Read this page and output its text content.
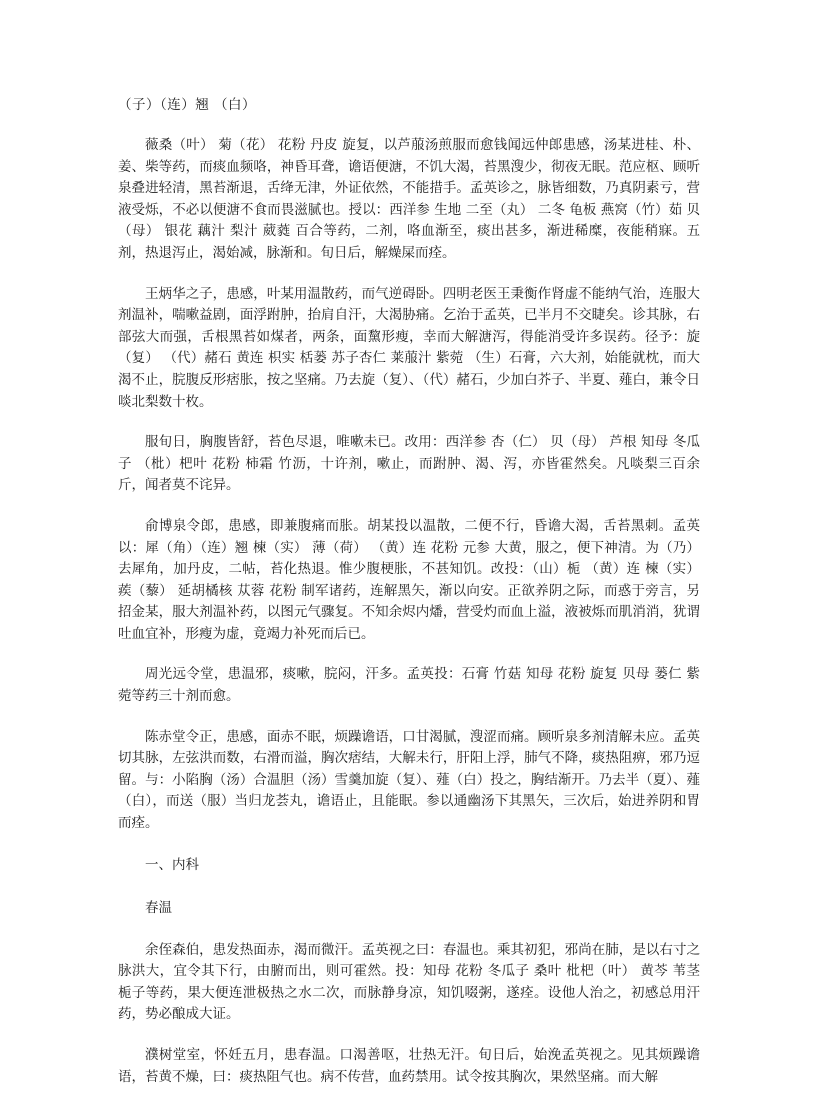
（子）（连）翘 （白）

薇桑（叶） 菊（花） 花粉 丹皮 旋复，以芦菔汤煎服而愈钱闻远仲郎患感，汤某进桂、朴、姜、柴等药，而痰血频咯，神昏耳聋，谵语便溏，不饥大渴，苔黑溲少，彻夜无眠。范应枢、顾听泉叠进轻清，黑苔渐退，舌绛无津，外证依然，不能措手。孟英诊之，脉皆细数，乃真阴素亏，营液受烁，不必以便溏不食而畏滋腻也。授以：西洋参 生地 二至（丸） 二冬 龟板 燕窝（竹）茹 贝（母） 银花 藕汁 梨汁 葳蕤 百合等药，二剂，咯血渐至，痰出甚多，渐进稀糜，夜能稍寐。五剂，热退泻止，渴始减，脉渐和。旬日后，解燥屎而痊。

王炳华之子，患感，叶某用温散药，而气逆碍卧。四明老医王秉衡作肾虚不能纳气治，连服大剂温补，喘嗽益剧，面浮跗肿，抬肩自汗，大渴胁痛。乞治于孟英，已半月不交睫矣。诊其脉，右部弦大而强，舌根黑苔如煤者，两条，面黧形瘦，幸而大解溏泻，得能消受许多误药。径予：旋（复） （代）赭石 黄连 枳实 栝蒌 苏子杏仁 莱菔汁 紫菀 （生）石膏，六大剂，始能就枕，而大渴不止，脘腹反形痞胀，按之坚痛。乃去旋（复）、（代）赭石，少加白芥子、半夏、薤白，兼令日啖北梨数十枚。

服旬日，胸腹皆舒，苔色尽退，唯嗽未已。改用：西洋参 杏（仁） 贝（母） 芦根 知母 冬瓜子 （枇）杷叶 花粉 柿霜 竹沥，十许剂，嗽止，而跗肿、渴、泻，亦皆霍然矣。凡啖梨三百余斤，闻者莫不诧异。

俞博泉令郎，患感，即兼腹痛而胀。胡某投以温散，二便不行，昏谵大渴，舌苔黑刺。孟英以：犀（角）（连）翘 楝（实） 薄（荷） （黄）连 花粉 元参 大黄，服之，便下神清。为（乃）去犀角，加丹皮，二帖，苔化热退。惟少腹梗胀，不甚知饥。改投：（山）栀 （黄）连 楝（实） 蒺（藜） 延胡橘核 苁蓉 花粉 制军诸药，连解黑矢，渐以向安。正欲养阴之际，而惑于旁言，另招金某，服大剂温补药，以图元气骤复。不知余烬内燔，营受灼而血上溢，液被烁而肌消消，犹谓吐血宜补，形瘦为虚，竟竭力补死而后已。

周光远令堂，患温邪，痰嗽，脘闷，汗多。孟英投：石膏 竹菇 知母 花粉 旋复 贝母 蒌仁 紫菀等药三十剂而愈。

陈赤堂令正，患感，面赤不眠，烦躁谵语，口甘渴腻，溲涩而痛。顾听泉多剂清解未应。孟英切其脉，左弦洪而数，右滑而溢，胸次痞结，大解未行，肝阳上浮，肺气不降，痰热阻痹，邪乃逗留。与：小陷胸（汤）合温胆（汤）雪羹加旋（复）、薤（白）投之，胸结渐开。乃去半（夏）、薤（白），而送（服）当归龙荟丸，谵语止，且能眠。参以通幽汤下其黑矢，三次后，始进养阴和胃而痊。

一、内科
春温

余侄森伯，患发热面赤，渴而微汗。孟英视之曰：春温也。乘其初犯，邪尚在肺，是以右寸之脉洪大，宜令其下行，由腑而出，则可霍然。投：知母 花粉 冬瓜子 桑叶 枇杷（叶） 黄芩 苇茎 栀子等药，果大便连泄极热之水二次，而脉静身凉，知饥啜粥，遂痊。设他人治之，初感总用汗药，势必酿成大证。

濮树堂室，怀妊五月，患春温。口渴善呕，壮热无汗。旬日后，始浼孟英视之。见其烦躁谵语，苔黄不燥，曰：痰热阻气也。病不传营，血药禁用。试令按其胸次，果然坚痛。而大解
